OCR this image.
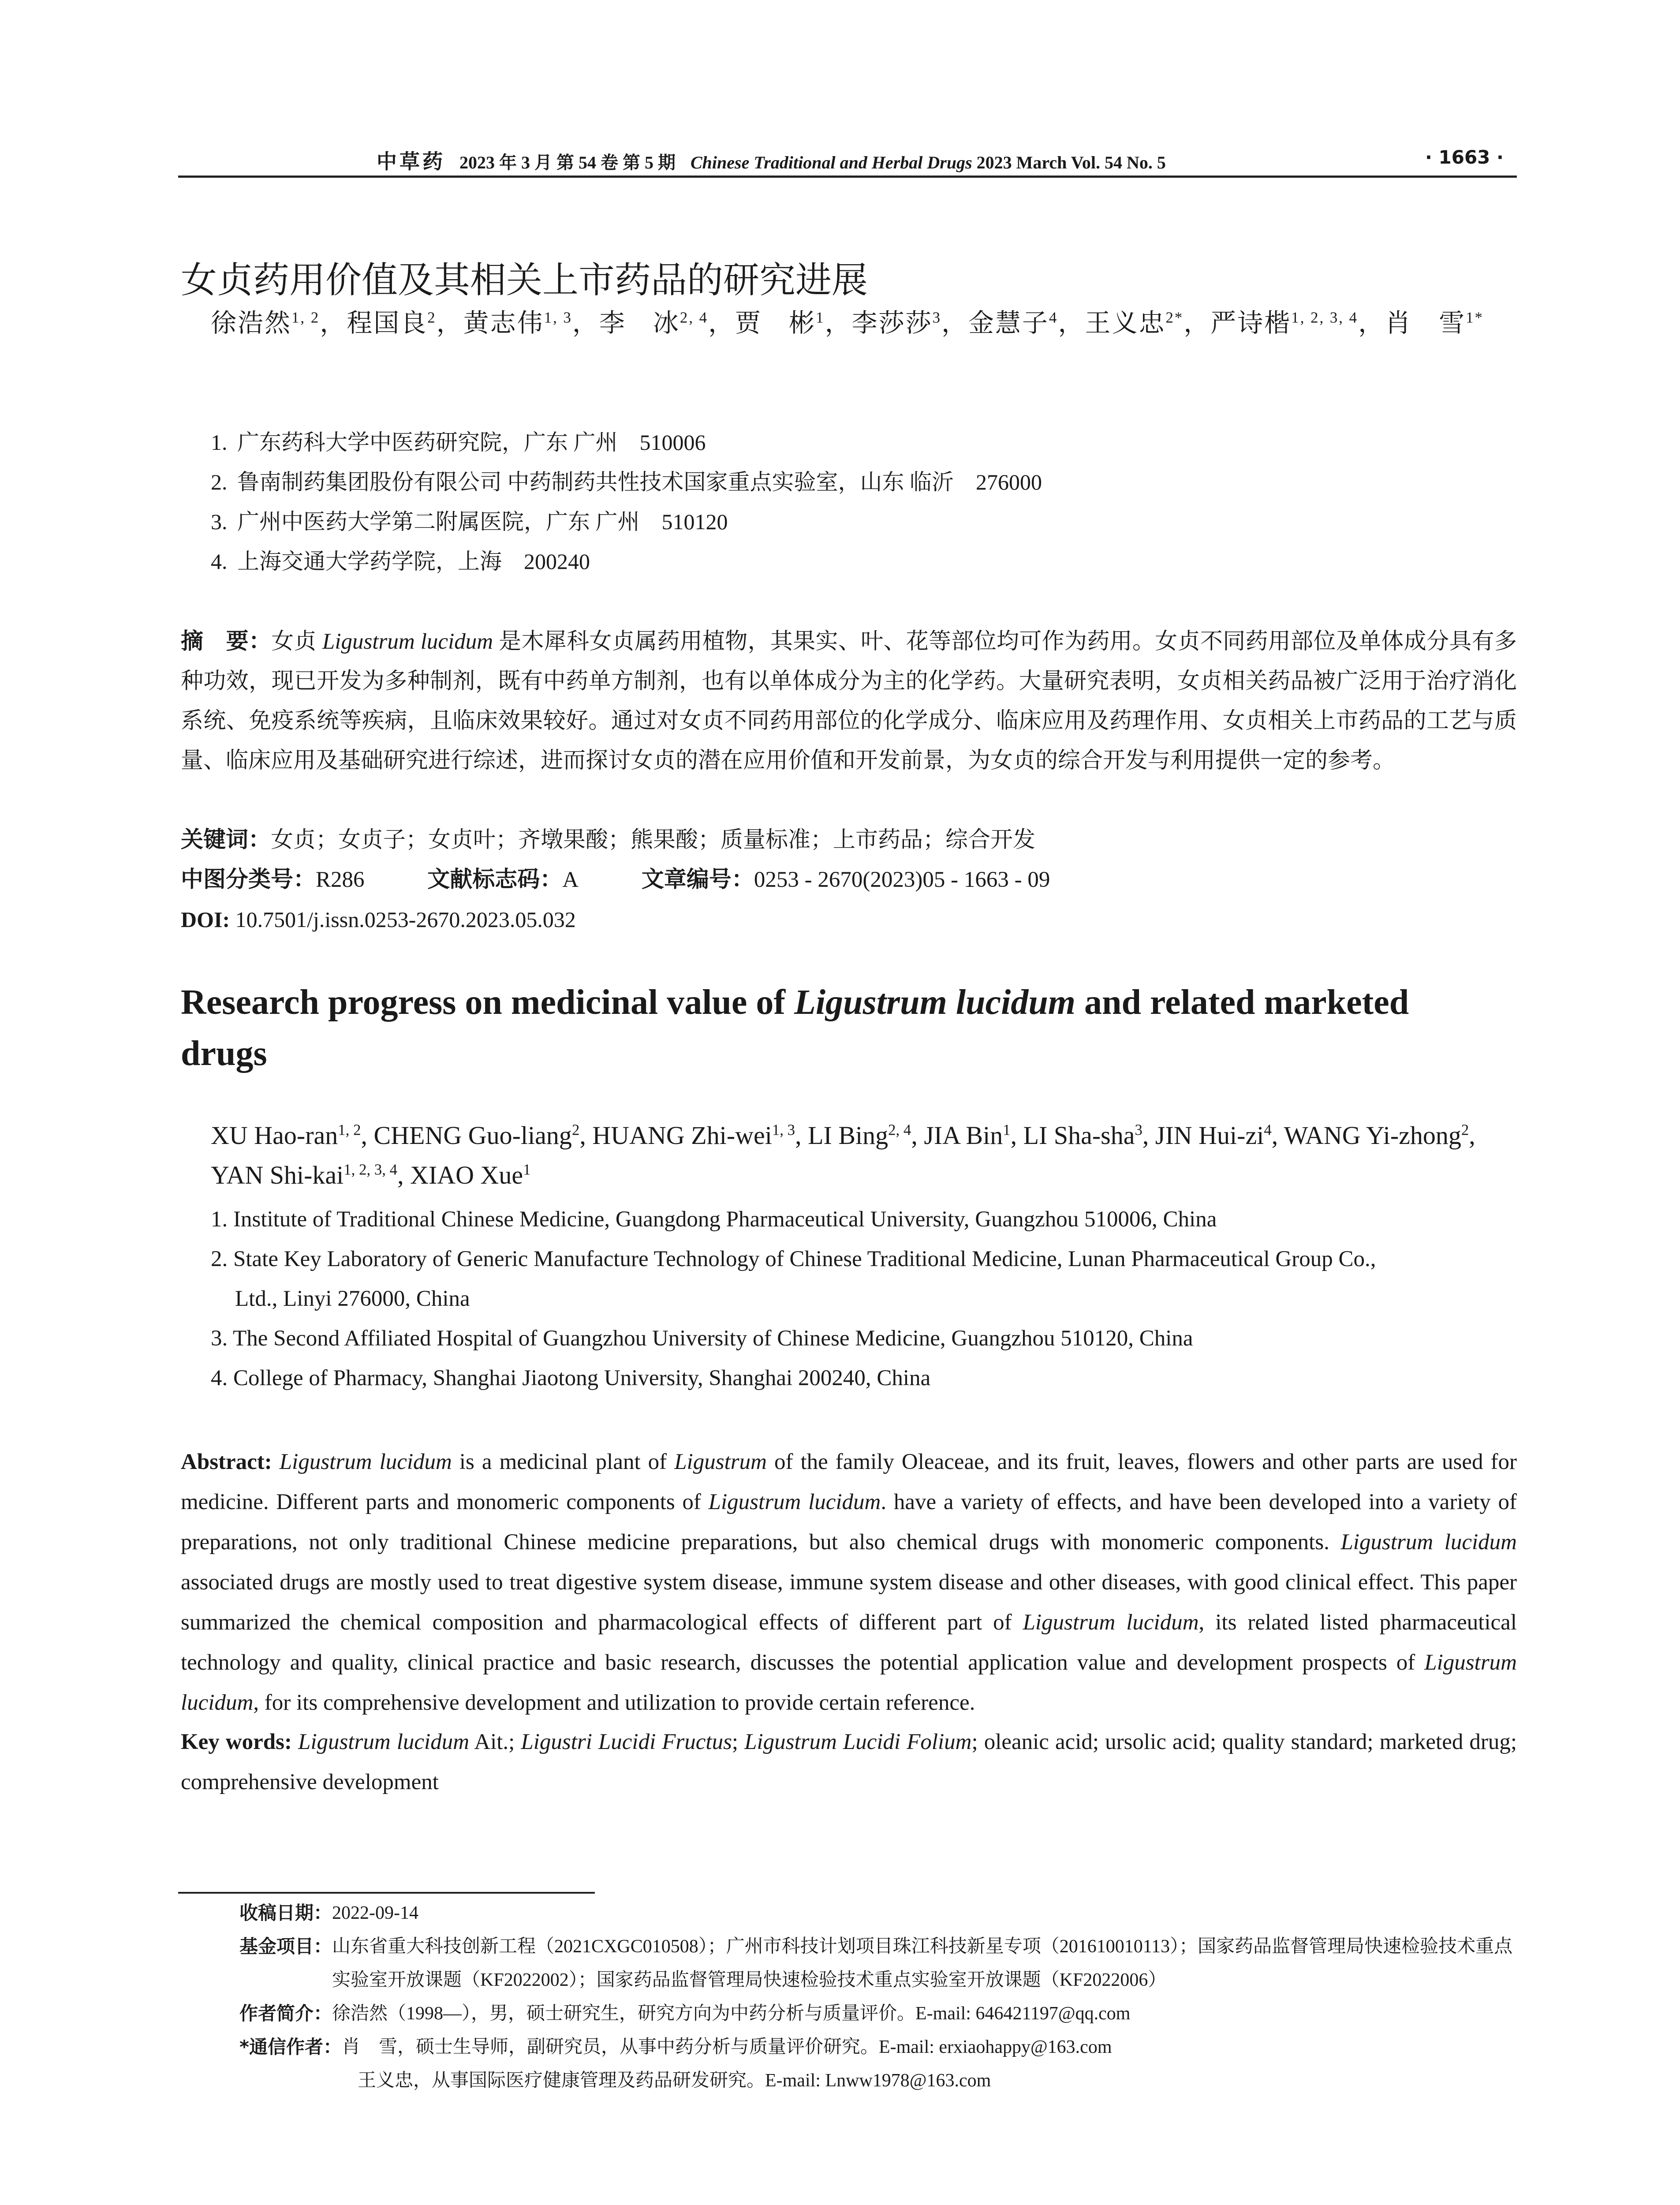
中草药 2023 年 3 月 第 54 卷 第 5 期 Chinese Traditional and Herbal Drugs 2023 March Vol. 54 No. 5	· 1663 ·
女贞药用价值及其相关上市药品的研究进展
徐浩然$^{1, 2}$，程国良$^2$，黄志伟$^{1, 3}$，李　冰$^{2, 4}$，贾　彬$^1$，李莎莎$^3$，金慧子$^4$，王义忠$^{2*}$，严诗楷$^{1, 2, 3, 4}$，肖　雪$^{1*}$
1.广东药科大学中医药研究院，广东 广州　510006
2.鲁南制药集团股份有限公司 中药制药共性技术国家重点实验室，山东 临沂　276000
3.广州中医药大学第二附属医院，广东 广州　510120
4.上海交通大学药学院，上海　200240
摘　要：女贞 Ligustrum lucidum 是木犀科女贞属药用植物，其果实、叶、花等部位均可作为药用。女贞不同药用部位及单体成分具有多种功效，现已开发为多种制剂，既有中药单方制剂，也有以单体成分为主的化学药。大量研究表明，女贞相关药品被广泛用于治疗消化系统、免疫系统等疾病，且临床效果较好。通过对女贞不同药用部位的化学成分、临床应用及药理作用、女贞相关上市药品的工艺与质量、临床应用及基础研究进行综述，进而探讨女贞的潜在应用价值和开发前景，为女贞的综合开发与利用提供一定的参考。
关键词：女贞；女贞子；女贞叶；齐墩果酸；熊果酸；质量标准；上市药品；综合开发
中图分类号：R286	文献标志码：A	文章编号：0253 - 2670(2023)05 - 1663 - 09
DOI: 10.7501/j.issn.0253-2670.2023.05.032
Research progress on medicinal value of Ligustrum lucidum and related marketed drugs
XU Hao-ran$^{1, 2}$, CHENG Guo-liang$^2$, HUANG Zhi-wei$^{1, 3}$, LI Bing$^{2, 4}$, JIA Bin$^1$, LI Sha-sha$^3$, JIN Hui-$zi^4$, WANG Yi-zhong$^2$, YAN Shi-kai$^{1, 2, 3, 4}$, XIAO Xue$^1$
1. Institute of Traditional Chinese Medicine, Guangdong Pharmaceutical University, Guangzhou 510006, China
2. State Key Laboratory of Generic Manufacture Technology of Chinese Traditional Medicine, Lunan Pharmaceutical Group Co.,
Ltd., Linyi 276000, China
3. The Second Affiliated Hospital of Guangzhou University of Chinese Medicine, Guangzhou 510120, China
4. College of Pharmacy, Shanghai Jiaotong University, Shanghai 200240, China
Abstract: Ligustrum lucidum is a medicinal plant of Ligustrum of the family Oleaceae, and its fruit, leaves, flowers and other parts are used for medicine. Different parts and monomeric components of Ligustrum lucidum. have a variety of effects, and have been developed into a variety of preparations, not only traditional Chinese medicine preparations, but also chemical drugs with monomeric components. Ligustrum lucidum associated drugs are mostly used to treat digestive system disease, immune system disease and other diseases, with good clinical effect. This paper summarized the chemical composition and pharmacological effects of different part of Ligustrum lucidum, its related listed pharmaceutical technology and quality, clinical practice and basic research, discusses the potential application value and development prospects of Ligustrum lucidum, for its comprehensive development and utilization to provide certain reference.
Key words: Ligustrum lucidum Ait.; Ligustri Lucidi Fructus; Ligustrum Lucidi Folium; oleanic acid; ursolic acid; quality standard; marketed drug; comprehensive development
收稿日期： 2022-09-14
基金项目： 山东省重大科技创新工程（2021CXGC010508）；广州市科技计划项目珠江科技新星专项（201610010113）；国家药品监督管理局快速检验技术重点实验室开放课题（KF2022002）；国家药品监督管理局快速检验技术重点实验室开放课题（KF2022006）
作者简介： 徐浩然（1998—），男，硕士研究生，研究方向为中药分析与质量评价。E-mail: 646421197@qq.com
*通信作者： 肖　雪，硕士生导师，副研究员，从事中药分析与质量评价研究。E-mail: erxiaohappy@163.com
王义忠，从事国际医疗健康管理及药品研发研究。E-mail: Lnww1978@163.com
